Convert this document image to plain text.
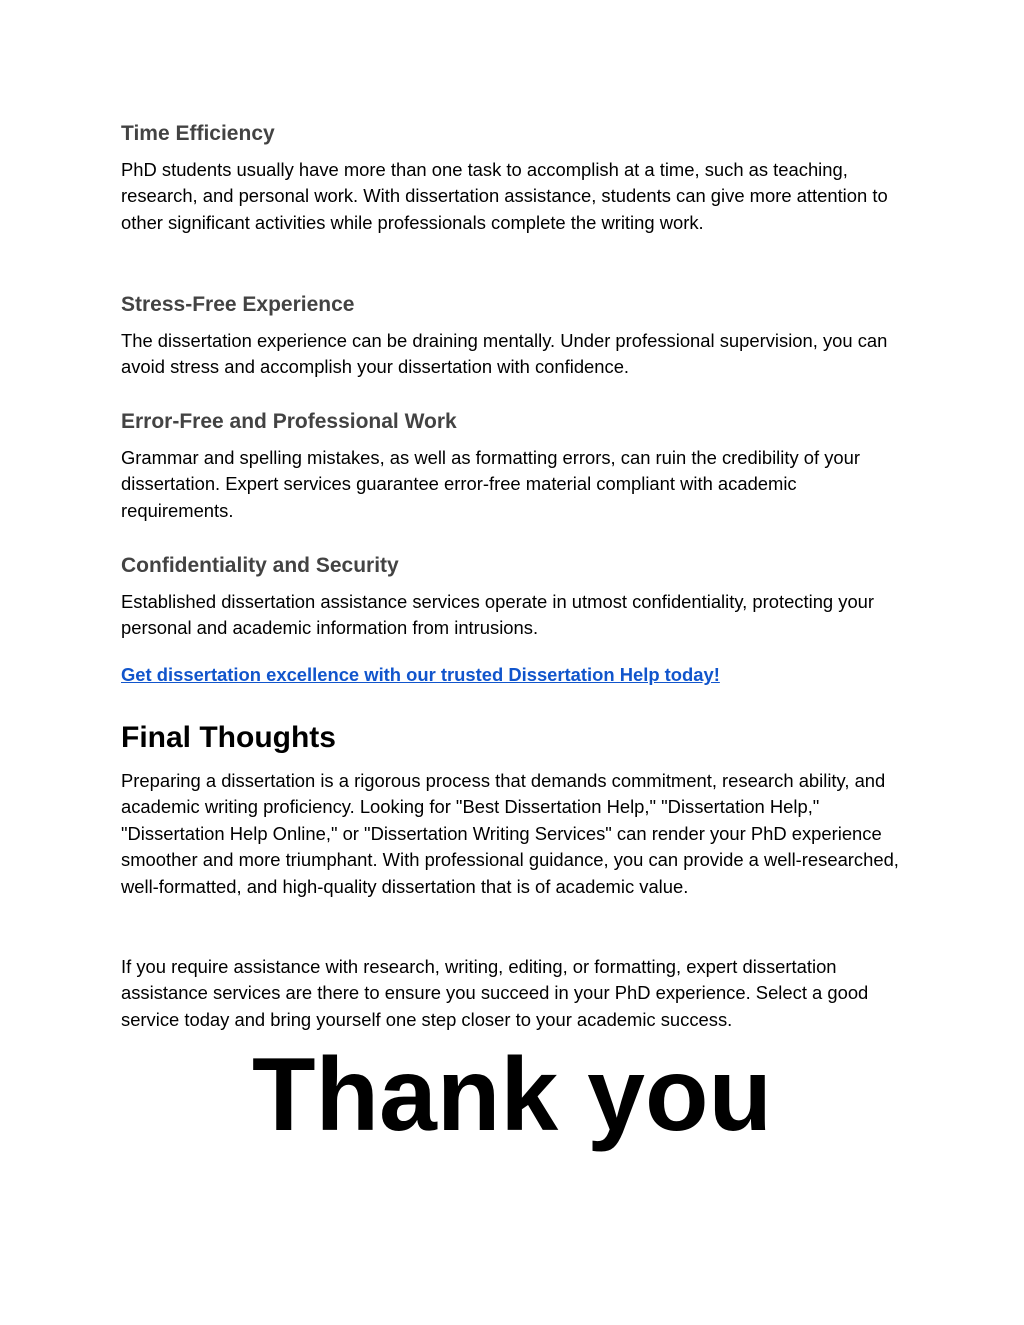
Time Efficiency

PhD students usually have more than one task to accomplish at a time, such as teaching, research, and personal work. With dissertation assistance, students can give more attention to other significant activities while professionals complete the writing work.

Stress-Free Experience

The dissertation experience can be draining mentally. Under professional supervision, you can avoid stress and accomplish your dissertation with confidence.

Error-Free and Professional Work

Grammar and spelling mistakes, as well as formatting errors, can ruin the credibility of your dissertation. Expert services guarantee error-free material compliant with academic requirements.

Confidentiality and Security

Established dissertation assistance services operate in utmost confidentiality, protecting your personal and academic information from intrusions.

Get dissertation excellence with our trusted Dissertation Help today!
Final Thoughts

Preparing a dissertation is a rigorous process that demands commitment, research ability, and academic writing proficiency. Looking for "Best Dissertation Help," "Dissertation Help," "Dissertation Help Online," or "Dissertation Writing Services" can render your PhD experience smoother and more triumphant. With professional guidance, you can provide a well-researched, well-formatted, and high-quality dissertation that is of academic value.

If you require assistance with research, writing, editing, or formatting, expert dissertation assistance services are there to ensure you succeed in your PhD experience. Select a good service today and bring yourself one step closer to your academic success.

Thank you
